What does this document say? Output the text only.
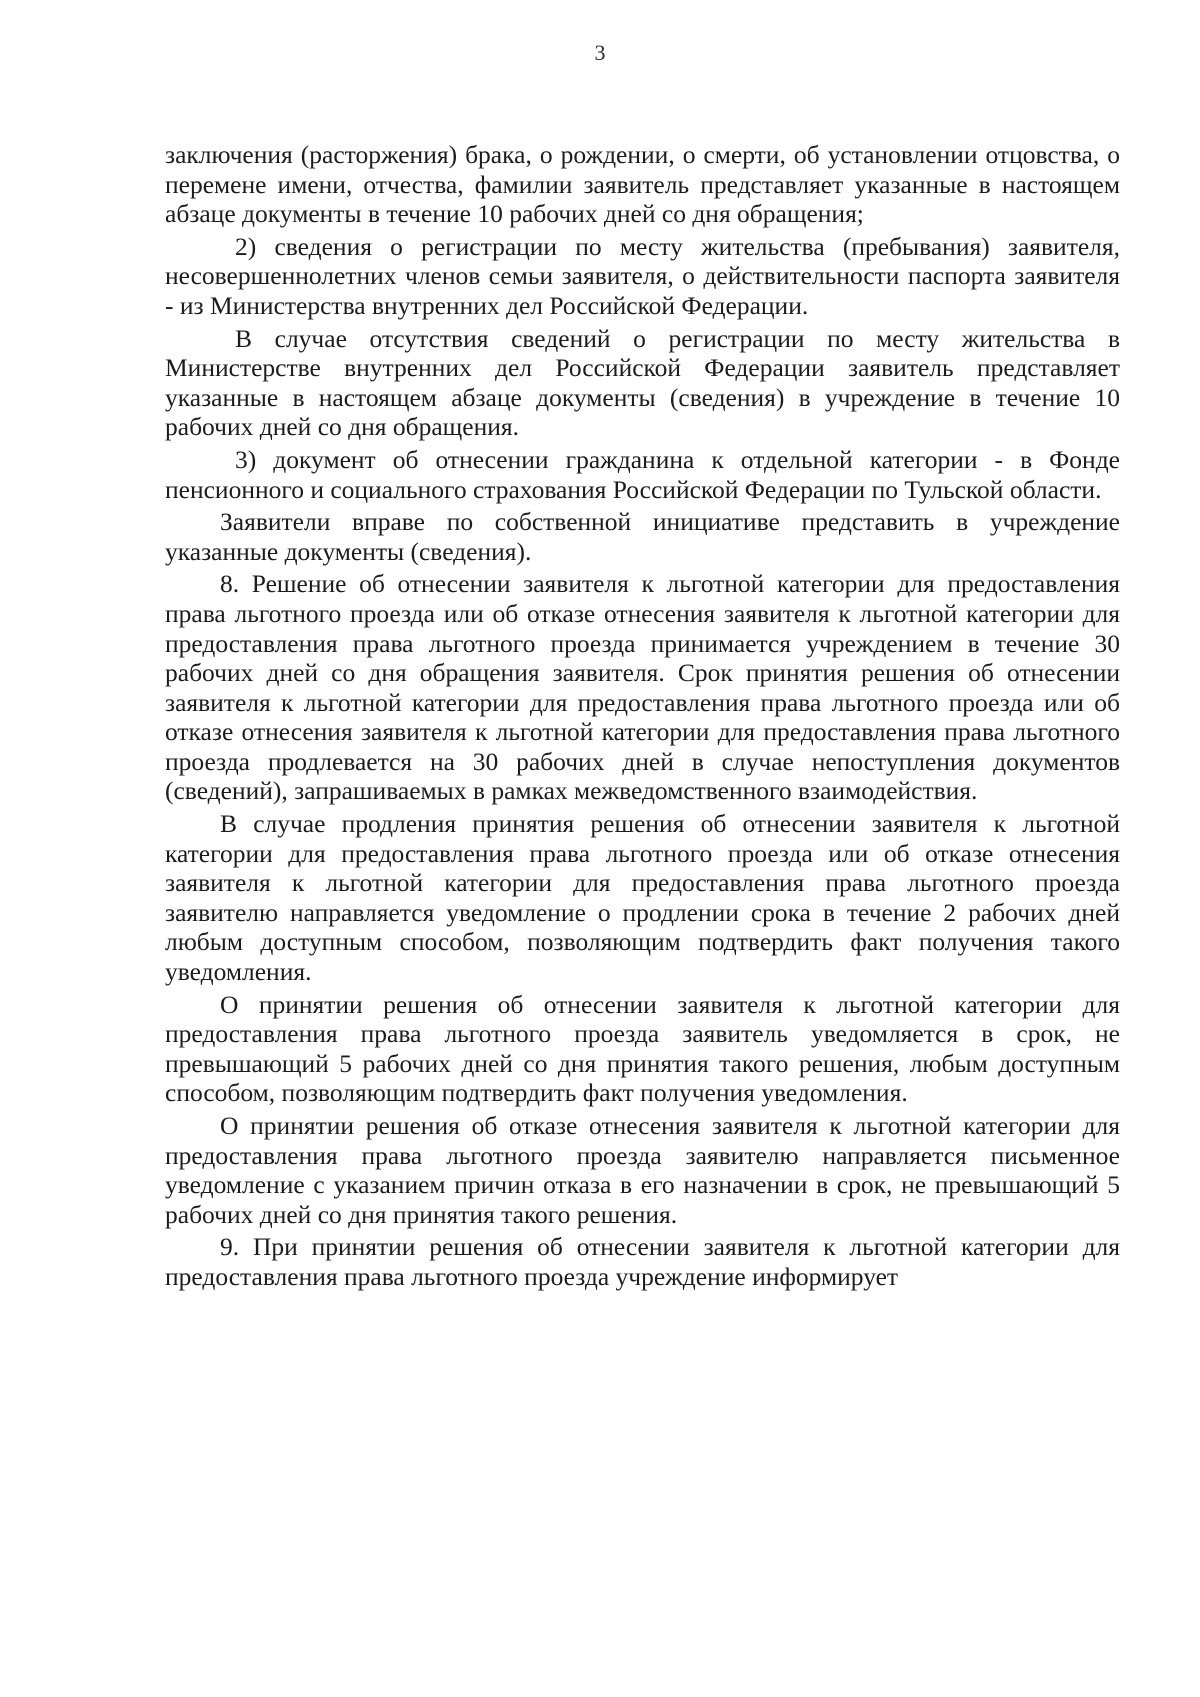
3

заключения (расторжения) брака, о рождении, о смерти, об установлении отцовства, о перемене имени, отчества, фамилии заявитель представляет указанные в настоящем абзаце документы в течение 10 рабочих дней со дня обращения;

2) сведения о регистрации по месту жительства (пребывания) заявителя, несовершеннолетних членов семьи заявителя, о действительности паспорта заявителя - из Министерства внутренних дел Российской Федерации.

В случае отсутствия сведений о регистрации по месту жительства в Министерстве внутренних дел Российской Федерации заявитель представляет указанные в настоящем абзаце документы (сведения) в учреждение в течение 10 рабочих дней со дня обращения.

3) документ об отнесении гражданина к отдельной категории - в Фонде пенсионного и социального страхования Российской Федерации по Тульской области.

Заявители вправе по собственной инициативе представить в учреждение указанные документы (сведения).

8. Решение об отнесении заявителя к льготной категории для предоставления права льготного проезда или об отказе отнесения заявителя к льготной категории для предоставления права льготного проезда принимается учреждением в течение 30 рабочих дней со дня обращения заявителя. Срок принятия решения об отнесении заявителя к льготной категории для предоставления права льготного проезда или об отказе отнесения заявителя к льготной категории для предоставления права льготного проезда продлевается на 30 рабочих дней в случае непоступления документов (сведений), запрашиваемых в рамках межведомственного взаимодействия.

В случае продления принятия решения об отнесении заявителя к льготной категории для предоставления права льготного проезда или об отказе отнесения заявителя к льготной категории для предоставления права льготного проезда заявителю направляется уведомление о продлении срока в течение 2 рабочих дней любым доступным способом, позволяющим подтвердить факт получения такого уведомления.

О принятии решения об отнесении заявителя к льготной категории для предоставления права льготного проезда заявитель уведомляется в срок, не превышающий 5 рабочих дней со дня принятия такого решения, любым доступным способом, позволяющим подтвердить факт получения уведомления.

О принятии решения об отказе отнесения заявителя к льготной категории для предоставления права льготного проезда заявителю направляется письменное уведомление с указанием причин отказа в его назначении в срок, не превышающий 5 рабочих дней со дня принятия такого решения.

9. При принятии решения об отнесении заявителя к льготной категории для предоставления права льготного проезда учреждение информирует
